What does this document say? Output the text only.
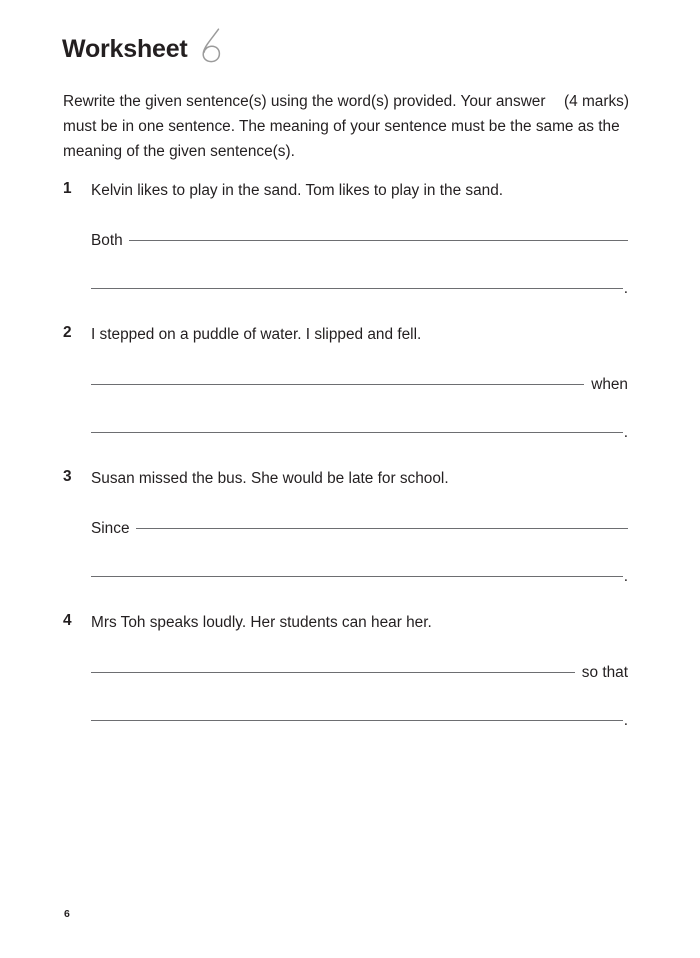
Worksheet
(4 marks)
Rewrite the given sentence(s) using the word(s) provided. Your answer must be in one sentence. The meaning of your sentence must be the same as the meaning of the given sentence(s).
1	Kelvin likes to play in the sand. Tom likes to play in the sand.
Both
.
2	I stepped on a puddle of water. I slipped and fell.
when
.
3	Susan missed the bus. She would be late for school.
Since
.
4	Mrs Toh speaks loudly. Her students can hear her.
so that
.
6
